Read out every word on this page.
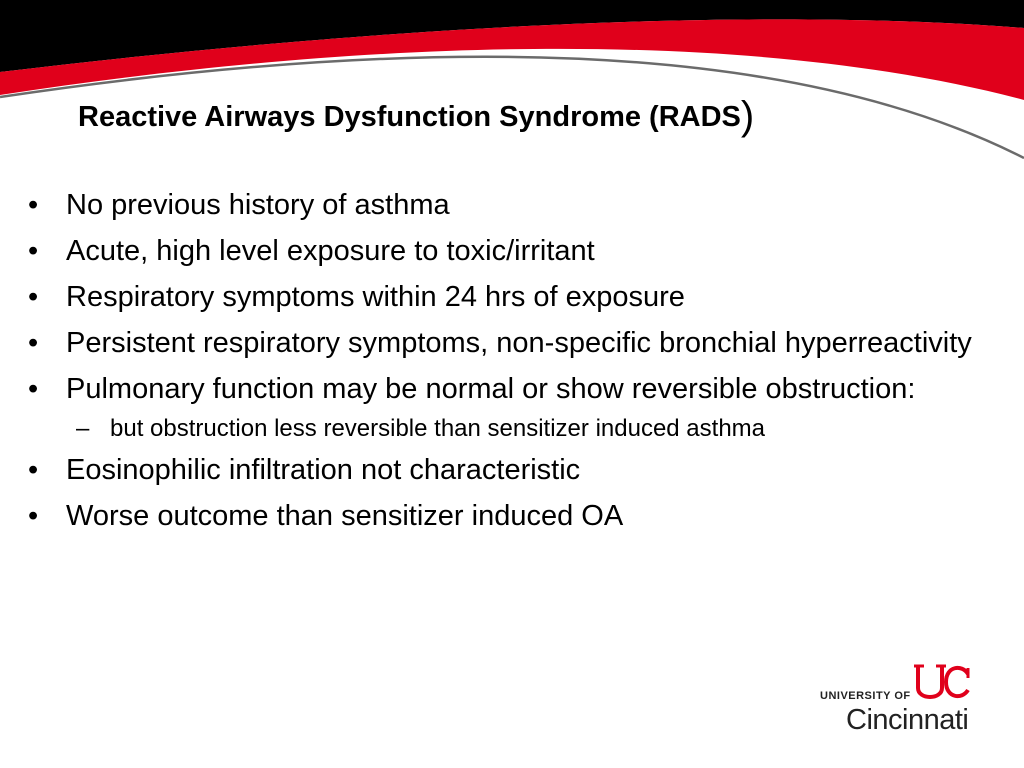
Reactive Airways Dysfunction Syndrome (RADS)
• No previous history of asthma
• Acute, high level exposure to toxic/irritant
• Respiratory symptoms within 24 hrs of exposure
• Persistent respiratory symptoms, non-specific bronchial hyperreactivity
• Pulmonary function may be normal or show reversible obstruction:
– but obstruction less reversible than sensitizer induced asthma
• Eosinophilic infiltration not characteristic
• Worse outcome than sensitizer induced OA
UNIVERSITY OF
Cincinnati
